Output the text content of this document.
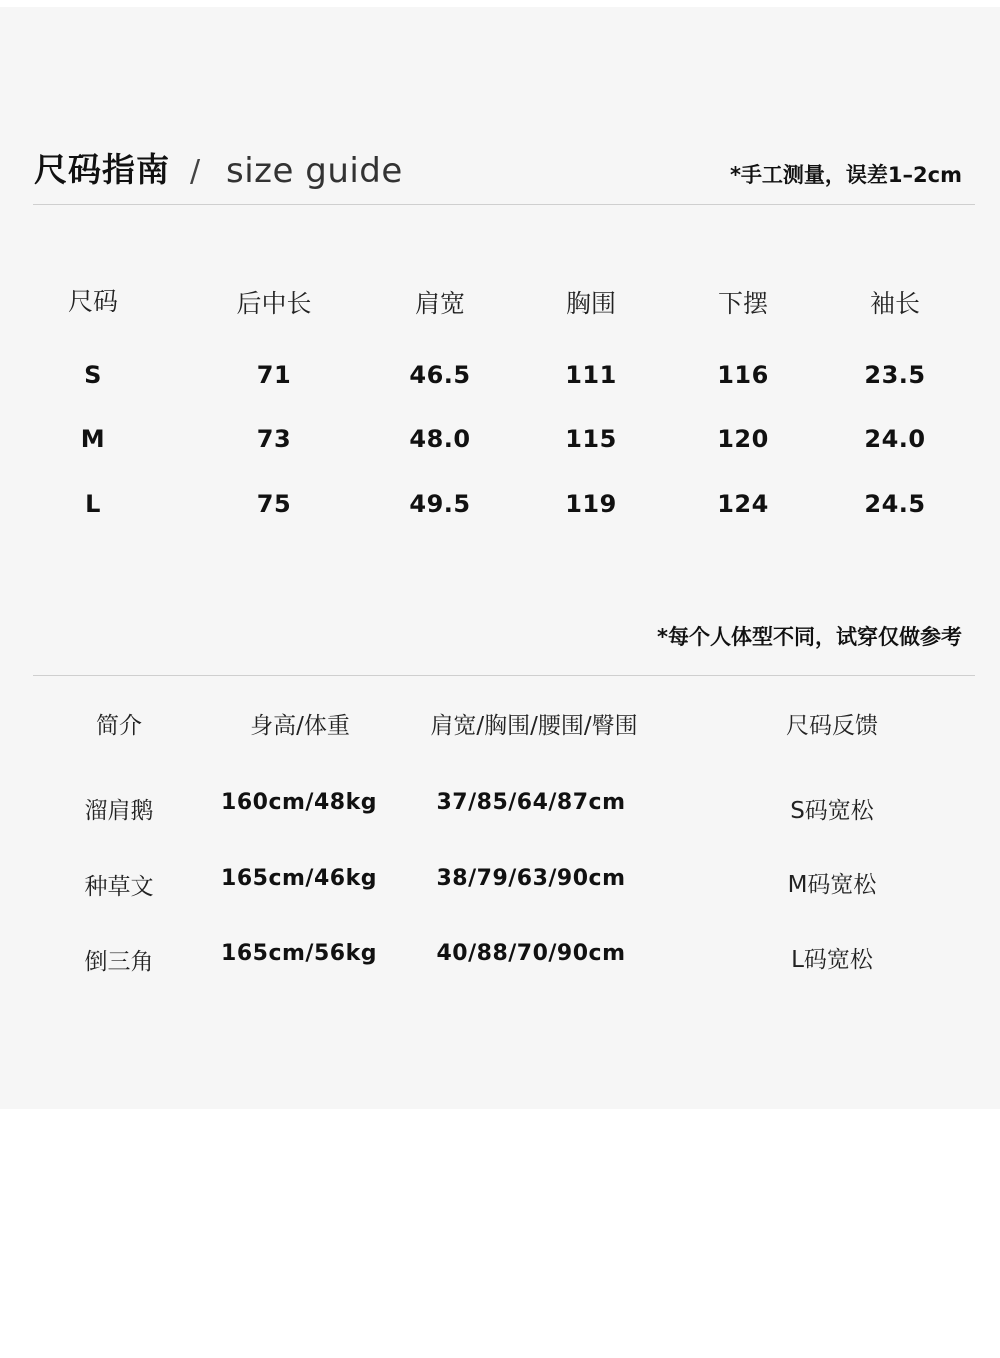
尺码指南 / size guide	*手工测量，误差1–2cm
尺码	后中长	肩宽	胸围	下摆	袖长
S	71	46.5	111	116	23.5
M	73	48.0	115	120	24.0
L	75	49.5	119	124	24.5
*每个人体型不同，试穿仅做参考
简介	身高/体重	肩宽/胸围/腰围/臀围	尺码反馈
溜肩鹅	160cm/48kg	37/85/64/87cm	S码宽松
种草文	165cm/46kg	38/79/63/90cm	M码宽松
倒三角	165cm/56kg	40/88/70/90cm	L码宽松
